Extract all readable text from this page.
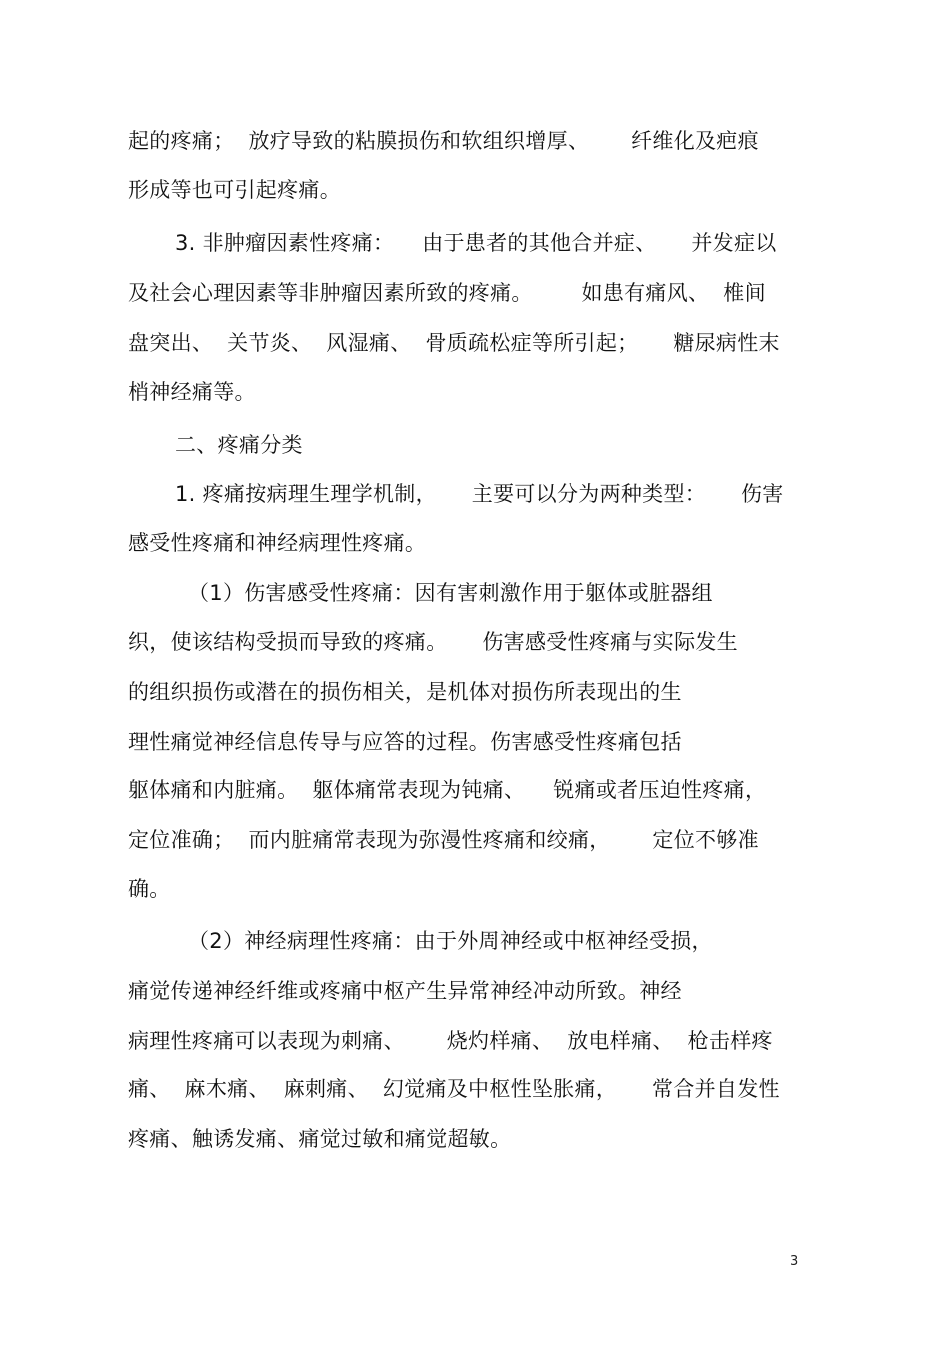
起的疼痛；  放疗导致的粘膜损伤和软组织增厚、      纤维化及疤痕
形成等也可引起疼痛。
3. 非肿瘤因素性疼痛：    由于患者的其他合并症、     并发症以
及社会心理因素等非肿瘤因素所致的疼痛。       如患有痛风、  椎间
盘突出、  关节炎、  风湿痛、  骨质疏松症等所引起；     糖尿病性末
梢神经痛等。
二、疼痛分类
1. 疼痛按病理生理学机制，     主要可以分为两种类型：     伤害
感受性疼痛和神经病理性疼痛。
（1）伤害感受性疼痛：因有害刺激作用于躯体或脏器组
织，使该结构受损而导致的疼痛。     伤害感受性疼痛与实际发生
的组织损伤或潜在的损伤相关，是机体对损伤所表现出的生
理性痛觉神经信息传导与应答的过程。伤害感受性疼痛包括
躯体痛和内脏痛。  躯体痛常表现为钝痛、    锐痛或者压迫性疼痛，
定位准确；  而内脏痛常表现为弥漫性疼痛和绞痛，      定位不够准
确。
（2）神经病理性疼痛：由于外周神经或中枢神经受损，
痛觉传递神经纤维或疼痛中枢产生异常神经冲动所致。神经
病理性疼痛可以表现为刺痛、      烧灼样痛、  放电样痛、  枪击样疼
痛、  麻木痛、  麻刺痛、  幻觉痛及中枢性坠胀痛，     常合并自发性
疼痛、触诱发痛、痛觉过敏和痛觉超敏。
3
